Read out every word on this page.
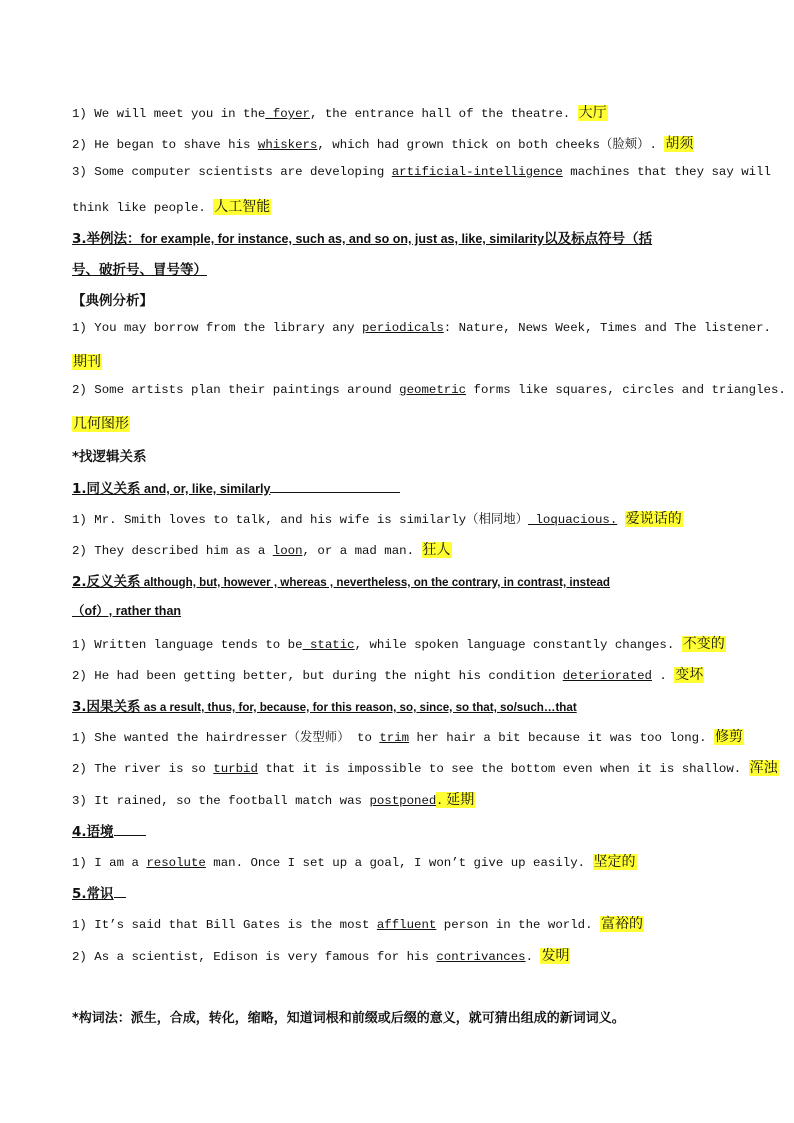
1) We will meet you in the foyer, the entrance hall of the theatre. 大厅
2) He began to shave his whiskers, which had grown thick on both cheeks（脸颊）. 胡须
3) Some computer scientists are developing artificial-intelligence machines that they say will
think like people. 人工智能
3.举例法：for example, for instance, such as, and so on, just as, like, similarity以及标点符号（括
号、破折号、冒号等）
【典例分析】
1) You may borrow from the library any periodicals: Nature, News Week, Times and The listener.
期刊
2) Some artists plan their paintings around geometric forms like squares, circles and triangles.
几何图形
*找逻辑关系
1.同义关系 and, or, like, similarly
1) Mr. Smith loves to talk, and his wife is similarly（相同地） loquacious. 爱说话的
2) They described him as a loon, or a mad man. 狂人
2.反义关系 although, but, however , whereas , nevertheless, on the contrary, in contrast, instead
（of）, rather than
1) Written language tends to be static, while spoken language constantly changes. 不变的
2) He had been getting better, but during the night his condition deteriorated . 变坏
3.因果关系 as a result, thus, for, because, for this reason, so, since, so that, so/such…that
1) She wanted the hairdresser（发型师） to trim her hair a bit because it was too long. 修剪
2) The river is so turbid that it is impossible to see the bottom even when it is shallow. 浑浊
3) It rained, so the football match was postponed. 延期
4.语境
1) I am a resolute man. Once I set up a goal, I won’t give up easily. 坚定的
5.常识
1) It’s said that Bill Gates is the most affluent person in the world. 富裕的
2) As a scientist, Edison is very famous for his contrivances. 发明
*构词法：派生，合成，转化，缩略，知道词根和前缀或后缀的意义，就可猜出组成的新词词义。
